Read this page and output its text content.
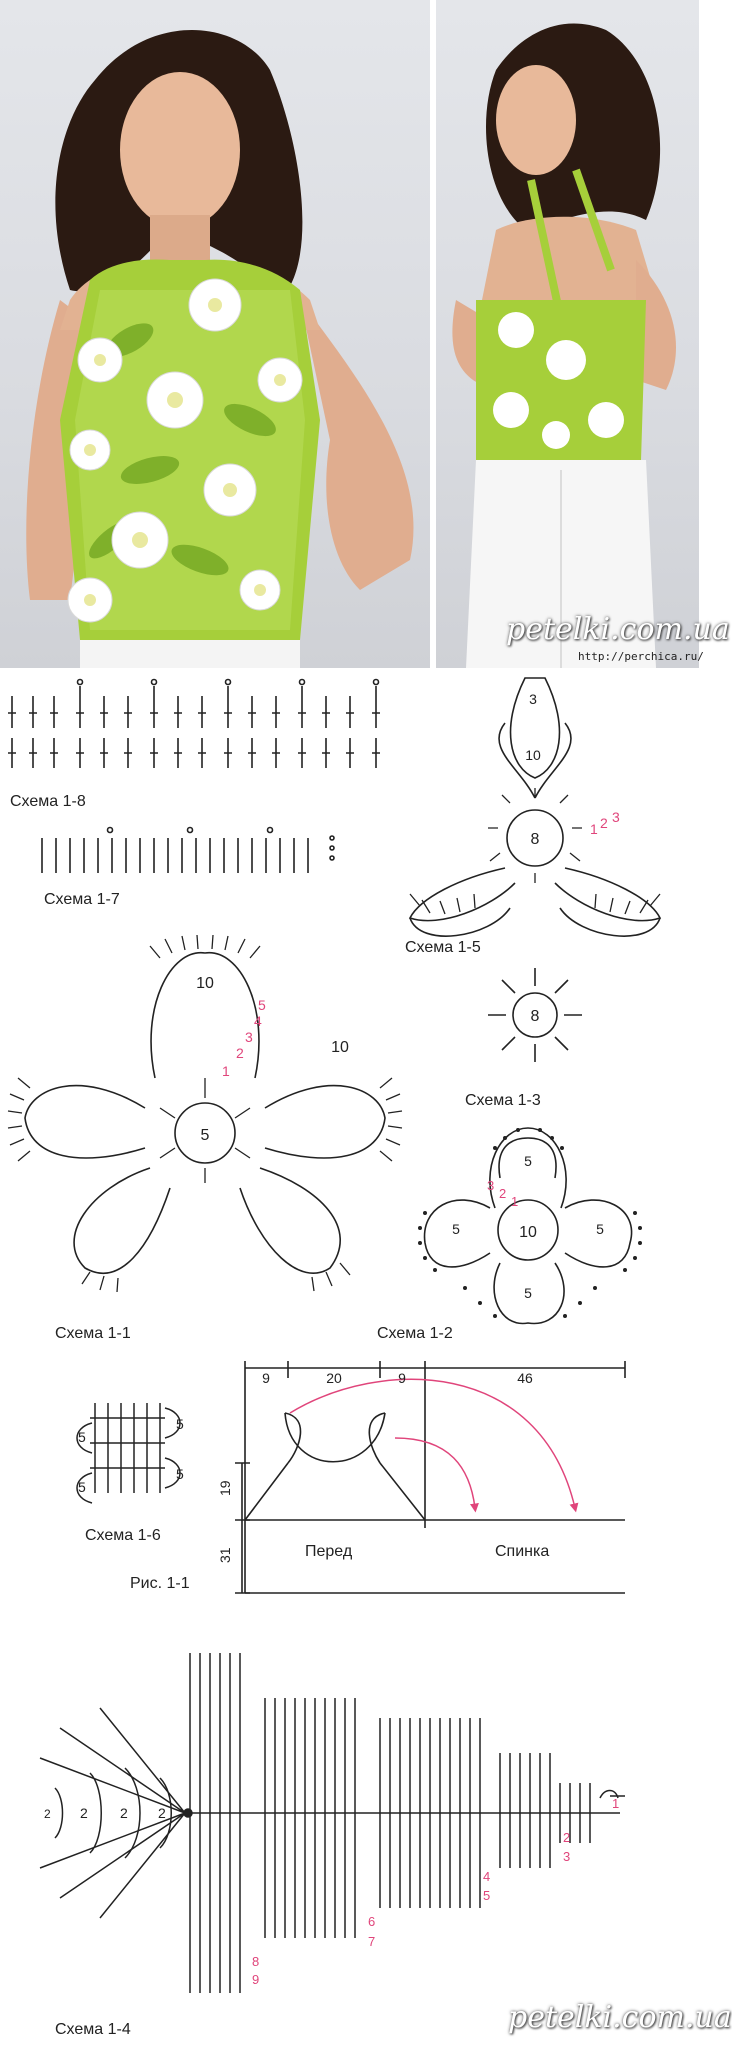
petelki.com.ua
http://perchica.ru/
Схема 1-8
Схема 1-7
3
10
8
1 2 3
Схема 1-5
8
Схема 1-3
10
10
5
5
4
3
2
1
Схема 1-1
10
5
5
5
5
3
2
1
Схема 1-2
5
5
5
5
Схема 1-6
9	20	9	46
19
31	Перед	Спинка
Рис. 1-1
2
2
2
2
1
2
3
4
5
6
7
8
9
Схема 1-4	petelki.com.ua
